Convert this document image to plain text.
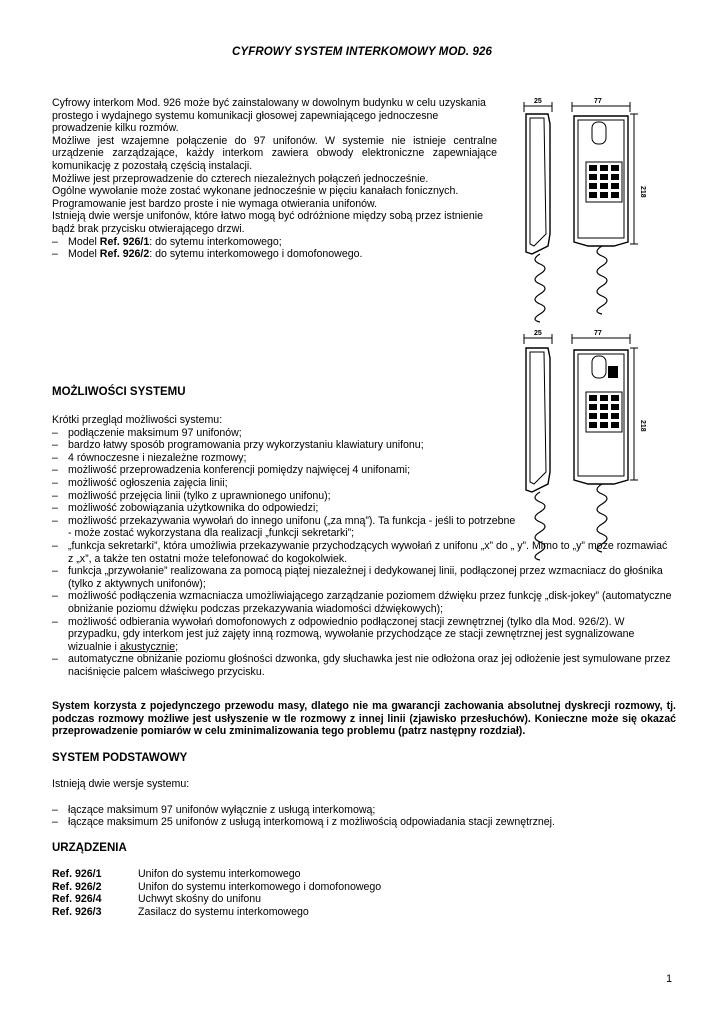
CYFROWY SYSTEM INTERKOMOWY MOD. 926

Cyfrowy interkom Mod. 926 może być zainstalowany w dowolnym budynku w celu uzyskania prostego i wydajnego systemu komunikacji głosowej zapewniającego jednoczesne prowadzenie kilku rozmów.

Możliwe jest wzajemne połączenie do 97 unifonów. W systemie nie istnieje centralne urządzenie zarządzające, każdy interkom zawiera obwody elektroniczne zapewniające komunikację z pozostałą częścią instalacji.

Możliwe jest przeprowadzenie do czterech niezależnych połączeń jednocześnie.

Ogólne wywołanie może zostać wykonane jednocześnie w pięciu kanałach fonicznych.

Programowanie jest bardzo proste i nie wymaga otwierania unifonów.

Istnieją dwie wersje unifonów, które łatwo mogą być odróżnione między sobą przez istnienie bądź brak przycisku otwierającego drzwi.

– Model Ref. 926/1: do sytemu interkomowego;
– Model Ref. 926/2: do sytemu interkomowego i domofonowego.
25	77
218
25	77
218
MOŻLIWOŚCI SYSTEMU

Krótki przegląd możliwości systemu:

– podłączenie maksimum 97 unifonów;
– bardzo łatwy sposób programowania przy wykorzystaniu klawiatury unifonu;
– 4 równoczesne i niezależne rozmowy;
– możliwość przeprowadzenia konferencji pomiędzy najwięcej 4 unifonami;
– możliwość ogłoszenia zajęcia linii;
– możliwość przejęcia linii (tylko z uprawnionego unifonu);
– możliwość zobowiązania użytkownika do odpowiedzi;
– możliwość przekazywania wywołań do innego unifonu („za mną”). Ta funkcja - jeśli to potrzebne - może zostać wykorzystana dla realizacji „funkcji sekretarki”;
– „funkcja sekretarki”, która umożliwia przekazywanie przychodzących wywołań z unifonu „x” do „ y”. Mimo to „y” może rozmawiać z „x”, a także ten ostatni może telefonować do kogokolwiek.
– funkcja „przywołanie” realizowana za pomocą piątej niezależnej i dedykowanej linii, podłączonej przez wzmacniacz do głośnika (tylko z aktywnych unifonów);
– możliwość podłączenia wzmacniacza umożliwiającego zarządzanie poziomem dźwięku przez funkcję „disk-jokey” (automatyczne obniżanie poziomu dźwięku podczas przekazywania wiadomości dźwiękowych);
– możliwość odbierania wywołań domofonowych z odpowiednio podłączonej stacji zewnętrznej (tylko dla Mod. 926/2). W przypadku, gdy interkom jest już zajęty inną rozmową, wywołanie przychodzące ze stacji zewnętrznej jest sygnalizowane wizualnie i akustycznie;
– automatyczne obniżanie poziomu głośności dzwonka, gdy słuchawka jest nie odłożona oraz jej odłożenie jest symulowane przez naciśnięcie palcem właściwego przycisku.
System korzysta z pojedynczego przewodu masy, dlatego nie ma gwarancji zachowania absolutnej dyskrecji rozmowy, tj. podczas rozmowy możliwe jest usłyszenie w tle rozmowy z innej linii (zjawisko przesłuchów). Konieczne może się okazać przeprowadzenie pomiarów w celu zminimalizowania tego problemu (patrz następny rozdział).
SYSTEM PODSTAWOWY

Istnieją dwie wersje systemu:

– łączące maksimum 97 unifonów wyłącznie z usługą interkomową;
– łączące maksimum 25 unifonów z usługą interkomową i z możliwością odpowiadania stacji zewnętrznej.
URZĄDZENIA
Ref. 926/1	Unifon do systemu interkomowego
Ref. 926/2	Unifon do systemu interkomowego i domofonowego
Ref. 926/4	Uchwyt skośny do unifonu
Ref. 926/3	Zasilacz do systemu interkomowego
1
